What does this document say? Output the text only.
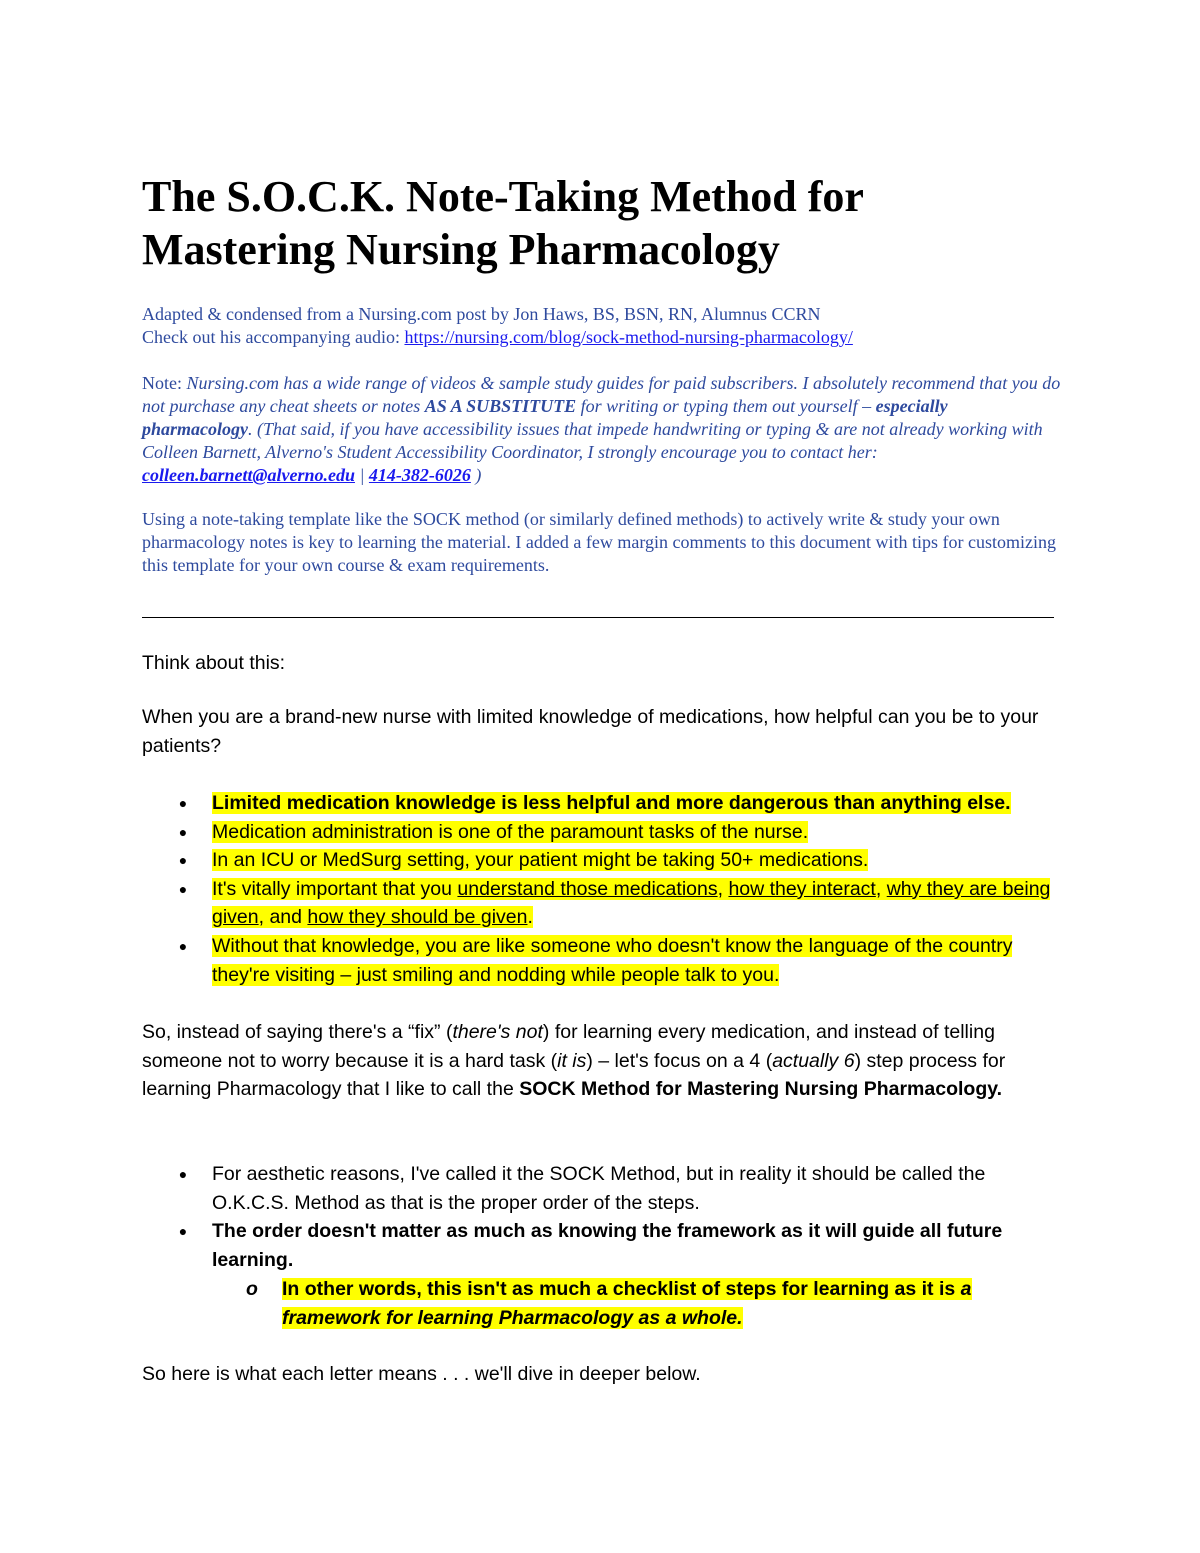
The S.O.C.K. Note-Taking Method for Mastering Nursing Pharmacology
Adapted & condensed from a Nursing.com post by Jon Haws, BS, BSN, RN, Alumnus CCRN
Check out his accompanying audio: https://nursing.com/blog/sock-method-nursing-pharmacology/
Note: Nursing.com has a wide range of videos & sample study guides for paid subscribers. I absolutely recommend that you do not purchase any cheat sheets or notes AS A SUBSTITUTE for writing or typing them out yourself – especially pharmacology. (That said, if you have accessibility issues that impede handwriting or typing & are not already working with Colleen Barnett, Alverno's Student Accessibility Coordinator, I strongly encourage you to contact her: colleen.barnett@alverno.edu | 414-382-6026 )
Using a note-taking template like the SOCK method (or similarly defined methods) to actively write & study your own pharmacology notes is key to learning the material. I added a few margin comments to this document with tips for customizing this template for your own course & exam requirements.
Think about this:
When you are a brand-new nurse with limited knowledge of medications, how helpful can you be to your patients?
● Limited medication knowledge is less helpful and more dangerous than anything else.
● Medication administration is one of the paramount tasks of the nurse.
● In an ICU or MedSurg setting, your patient might be taking 50+ medications.
● It's vitally important that you understand those medications, how they interact, why they are being given, and how they should be given.
● Without that knowledge, you are like someone who doesn't know the language of the country they're visiting – just smiling and nodding while people talk to you.
So, instead of saying there's a “fix” (there's not) for learning every medication, and instead of telling someone not to worry because it is a hard task (it is) – let's focus on a 4 (actually 6) step process for learning Pharmacology that I like to call the SOCK Method for Mastering Nursing Pharmacology.
● For aesthetic reasons, I've called it the SOCK Method, but in reality it should be called the O.K.C.S. Method as that is the proper order of the steps.
● The order doesn't matter as much as knowing the framework as it will guide all future learning.
o In other words, this isn't as much a checklist of steps for learning as it is a framework for learning Pharmacology as a whole.
So here is what each letter means . . . we'll dive in deeper below.
